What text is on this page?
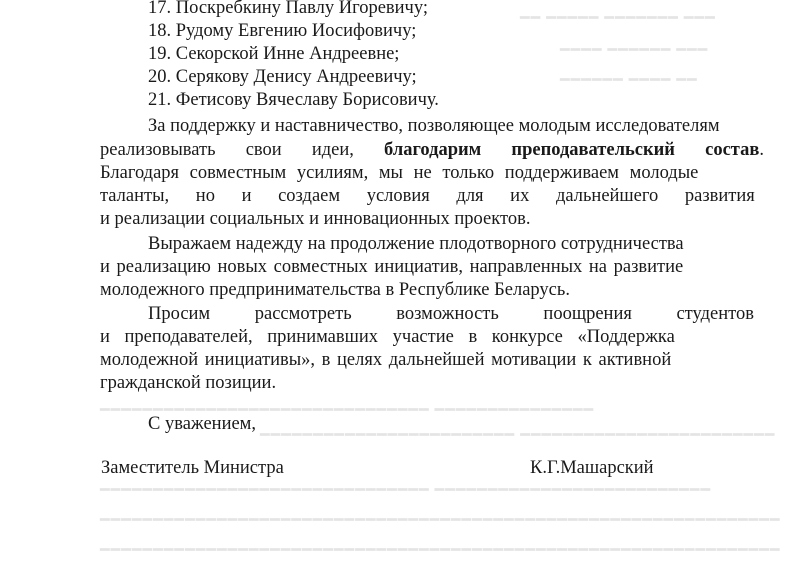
━━ ━━━━━ ━━━━━━━ ━━━
━━━━ ━━━━━━ ━━━
━━━━━━ ━━━━ ━━
━━━━━━━━━━━━━━━━━━━━━━━━━━━━━━━ ━━━━━━━━━━━━━━━
━━━━━━━━━━━━━━━━━━━━━━━━ ━━━━━━━━━━━━━━━━━━━━━━━━
━━━━━━━━━━━━━━━━━━━━━━━━━━━━━━━ ━━━━━━━━━━━━━━━━━━━━━━━━━━
━━━━━━━━━━━━━━━━━━━━━━━━━━━━━━━━━━━━━━━━━━━━━━━━━━━━━━━━━━━━━━━━
━━━━━━━━━━━━━━━━━━━━━━━━━━━━━━━━━━━━━━━━━━━━━━━━━━━━━━━━━━━━━━━━
17. Поскребкину Павлу Игоревичу;
18. Рудому Евгению Иосифовичу;
19. Секорской Инне Андреевне;
20. Серякову Денису Андреевичу;
21. Фетисову Вячеславу Борисовичу.
За поддержку и наставничество, позволяющее молодым исследователям
реализовывать свои идеи, благодарим преподавательский состав.
Благодаря совместным усилиям, мы не только поддерживаем молодые
таланты, но и создаем условия для их дальнейшего развития
и реализации социальных и инновационных проектов.
Выражаем надежду на продолжение плодотворного сотрудничества
и реализацию новых совместных инициатив, направленных на развитие
молодежного предпринимательства в Республике Беларусь.
Просим рассмотреть возможность поощрения студентов
и преподавателей, принимавших участие в конкурсе «Поддержка
молодежной инициативы», в целях дальнейшей мотивации к активной
гражданской позиции.
С уважением,
Заместитель Министра	К.Г.Машарский
